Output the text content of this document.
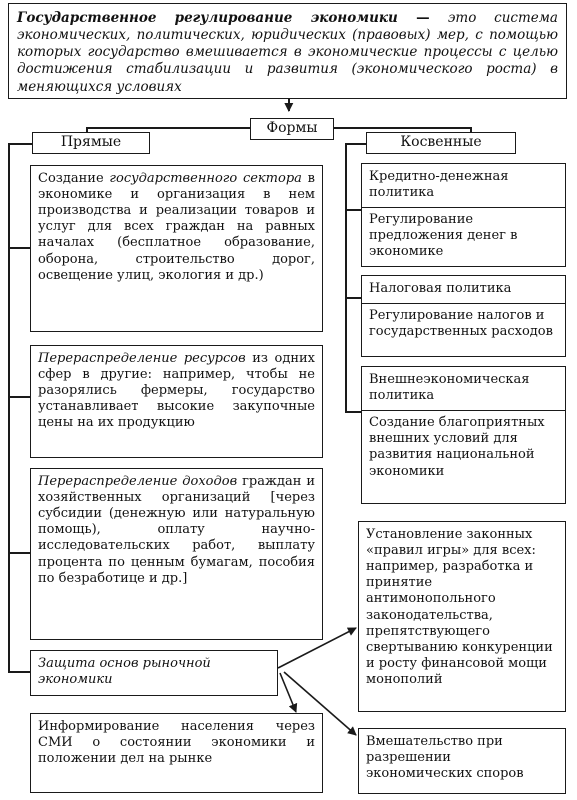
Государственное регулирование экономики — это система экономических, политических, юридических (правовых) мер, с помощью которых государство вмешивается в экономические процессы с целью достижения стабилизации и развития (экономического роста) в меняющихся условиях
Формы
Прямые	Косвенные
Создание государственного сектора в экономике и организация в нем производства и реализации товаров и услуг для всех граждан на равных началах (бесплатное образование, оборона, строительство дорог, освещение улиц, экология и др.)
Перераспределение ресурсов из одних сфер в другие: например, чтобы не разорялись фермеры, государство устанавливает высокие закупочные цены на их продукцию
Перераспределение доходов граждан и хозяйственных организаций [через субсидии (денежную или натуральную помощь), оплату научно-исследовательских работ, выплату процента по ценным бумагам, пособия по безработице и др.]
Защита основ рыночной экономики

Кредитно-денежная политика

Регулирование предложения денег в экономике

Налоговая политика

Регулирование налогов и государственных расходов

Внешнеэкономическая политика

Создание благоприятных внешних условий для развития национальной экономики

Установление законных «правил игры» для всех: например, разработка и принятие антимонопольного законодательства, препятствующего свертыванию конкуренции и росту финансовой мощи монополий
Информирование населения через СМИ о состоянии экономики и положении дел на рынке
Вмешательство при разрешении экономических споров
